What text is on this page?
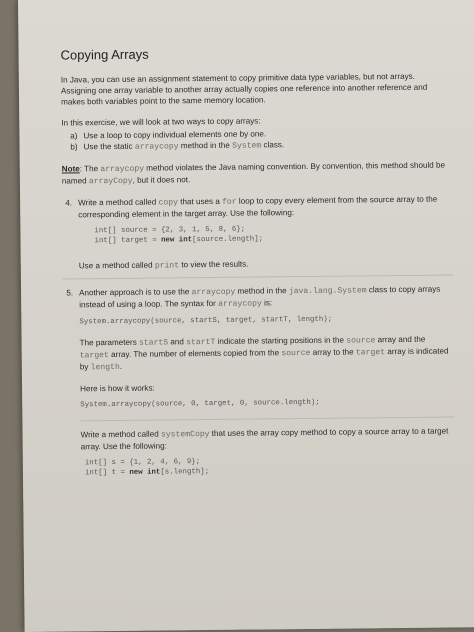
Copying Arrays

In Java, you can use an assignment statement to copy primitive data type variables, but not arrays. Assigning one array variable to another array actually copies one reference into another reference and makes both variables point to the same memory location.

In this exercise, we will look at two ways to copy arrays:

a) Use a loop to copy individual elements one by one.
b) Use the static arraycopy method in the System class.

Note: The arraycopy method violates the Java naming convention. By convention, this method should be named arrayCopy, but it does not.

4. Write a method called copy that uses a for loop to copy every element from the source array to the corresponding element in the target array. Use the following:
int[] source = {2, 3, 1, 5, 8, 6};
int[] target = new int[source.length];
Use a method called print to view the results.
5. Another approach is to use the arraycopy method in the java.lang.System class to copy arrays instead of using a loop. The syntax for arraycopy is:
System.arraycopy(source, startS, target, startT, length);
The parameters startS and startT indicate the starting positions in the source array and the target array. The number of elements copied from the source array to the target array is indicated by length.
Here is how it works:
System.arraycopy(source, 0, target, 0, source.length);
Write a method called systemCopy that uses the array copy method to copy a source array to a target array. Use the following:
int[] s = {1, 2, 4, 6, 9};
int[] t = new int[s.length];
